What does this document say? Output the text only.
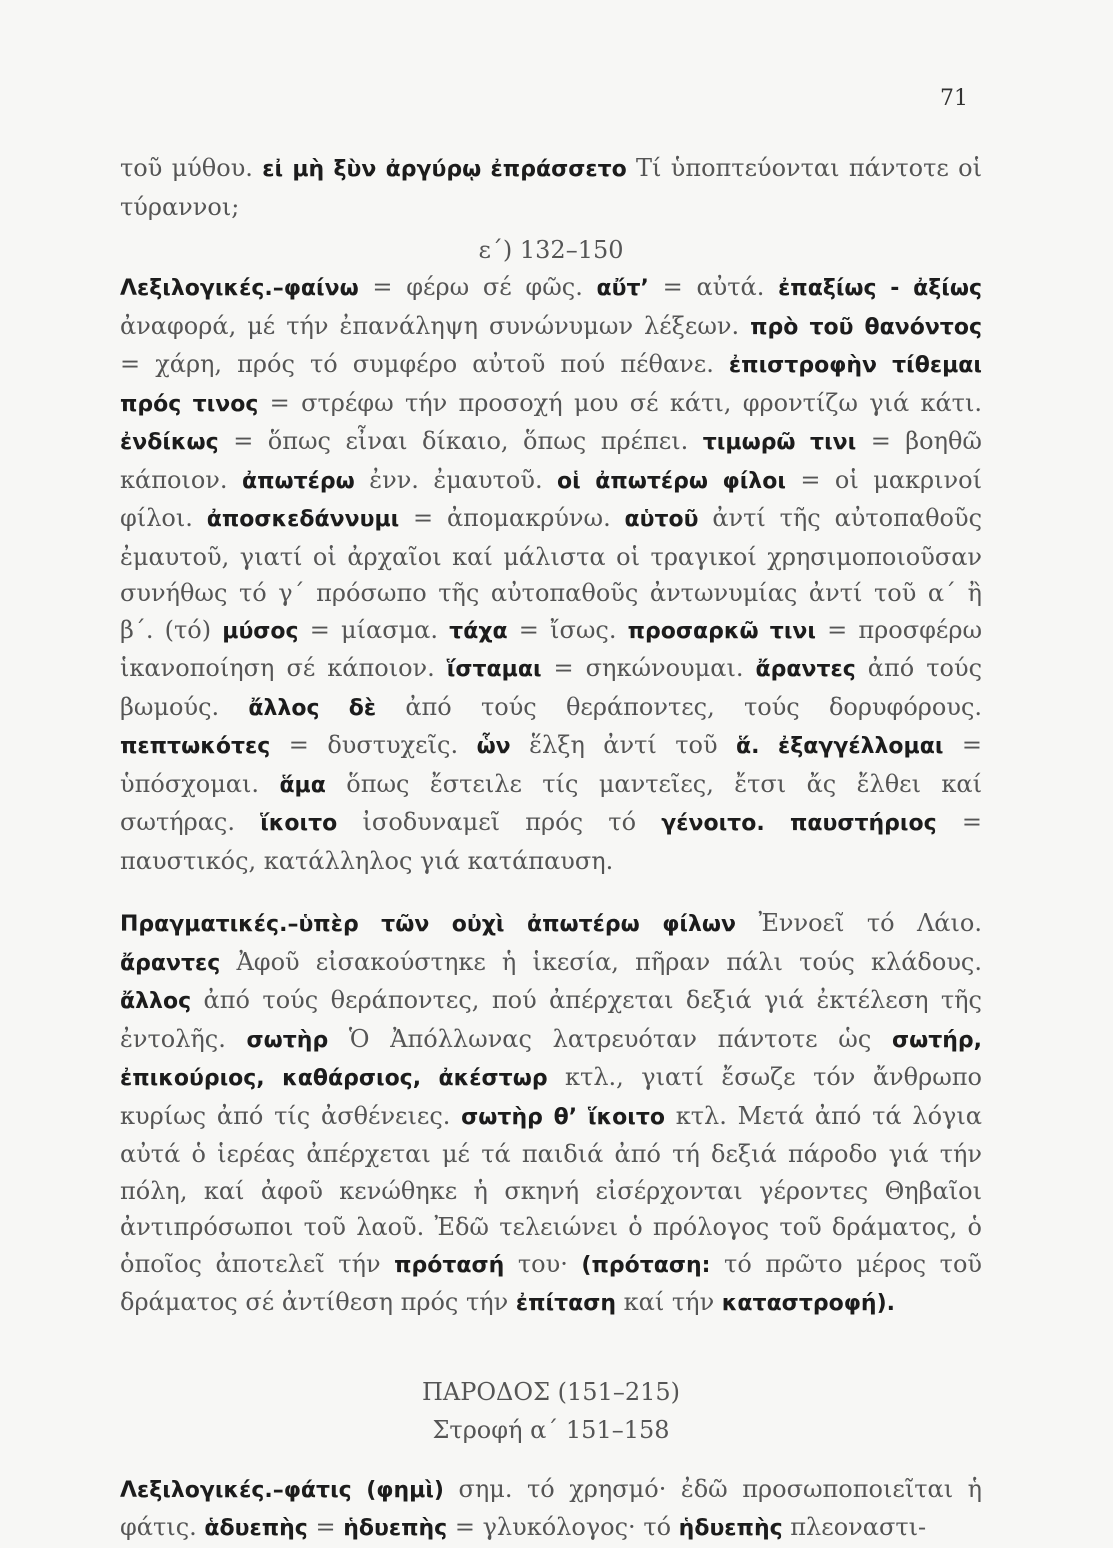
71

τοῦ μύθου. εἰ μὴ ξὺν ἀργύρῳ ἐπράσσετο Τί ὑποπτεύονται πάντοτε οἱ τύραννοι;

ε΄) 132–150

Λεξιλογικές.–φαίνω = φέρω σέ φῶς. αὔτ’ = αὐτά. ἐπαξίως - ἀξίως ἀναφορά, μέ τήν ἐπανάληψη συνώνυμων λέξεων. πρὸ τοῦ θανόντος = χάρη, πρός τό συμφέρο αὐτοῦ πού πέθανε. ἐπιστροφὴν τίθεμαι πρός τινος = στρέφω τήν προσοχή μου σέ κάτι, φροντίζω γιά κάτι. ἐνδίκως = ὅπως εἶναι δίκαιο, ὅπως πρέπει. τιμωρῶ τινι = βοηθῶ κάποιον. ἀπωτέρω ἐνν. ἐμαυτοῦ. οἱ ἀπωτέρω φίλοι = οἱ μακρινοί φίλοι. ἀποσκεδάννυμι = ἀπομακρύνω. αὑτοῦ ἀντί τῆς αὐτοπαθοῦς ἐμαυτοῦ, γιατί οἱ ἀρχαῖοι καί μάλιστα οἱ τραγικοί χρησιμοποιοῦσαν συνήθως τό γ΄ πρόσωπο τῆς αὐτοπαθοῦς ἀντωνυμίας ἀντί τοῦ α΄ ἢ β΄. (τό) μύσος = μίασμα. τάχα = ἴσως. προσαρκῶ τινι = προσφέρω ἱκανοποίηση σέ κάποιον. ἵσταμαι = σηκώνουμαι. ἄραντες ἀπό τούς βωμούς. ἄλλος δὲ ἀπό τούς θεράποντες, τούς δορυφόρους. πεπτωκότες = δυστυχεῖς. ὧν ἕλξη ἀντί τοῦ ἅ. ἐξαγγέλλομαι = ὑπόσχομαι. ἅμα ὅπως ἔστειλε τίς μαντεῖες, ἔτσι ἄς ἔλθει καί σωτήρας. ἵκοιτο ἰσοδυναμεῖ πρός τό γένοιτο. παυστήριος = παυστικός, κατάλληλος γιά κατάπαυση.

Πραγματικές.–ὑπὲρ τῶν οὐχὶ ἀπωτέρω φίλων Ἐννοεῖ τό Λάιο. ἄραντες Ἀφοῦ εἰσακούστηκε ἡ ἱκεσία, πῆραν πάλι τούς κλάδους. ἄλλος ἀπό τούς θεράποντες, πού ἀπέρχεται δεξιά γιά ἐκτέλεση τῆς ἐντολῆς. σωτὴρ Ὁ Ἀπόλλωνας λατρευόταν πάντοτε ὡς σωτήρ, ἐπικούριος, καθάρσιος, ἀκέστωρ κτλ., γιατί ἔσωζε τόν ἄνθρωπο κυρίως ἀπό τίς ἀσθένειες. σωτὴρ θ’ ἵκοιτο κτλ. Μετά ἀπό τά λόγια αὐτά ὁ ἱερέας ἀπέρχεται μέ τά παιδιά ἀπό τή δεξιά πάροδο γιά τήν πόλη, καί ἀφοῦ κενώθηκε ἡ σκηνή εἰσέρχονται γέροντες Θηβαῖοι ἀντιπρόσωποι τοῦ λαοῦ. Ἐδῶ τελειώνει ὁ πρόλογος τοῦ δράματος, ὁ ὁποῖος ἀποτελεῖ τήν πρότασή του· (πρόταση: τό πρῶτο μέρος τοῦ δράματος σέ ἀντίθεση πρός τήν ἐπίταση καί τήν καταστροφή).

ΠΑΡΟΔΟΣ (151–215)

Στροφή α΄ 151–158

Λεξιλογικές.–φάτις (φημὶ) σημ. τό χρησμό· ἐδῶ προσωποποιεῖται ἡ φάτις. ἁδυεπὴς = ἡδυεπὴς = γλυκόλογος· τό ἡδυεπὴς πλεοναστι-
